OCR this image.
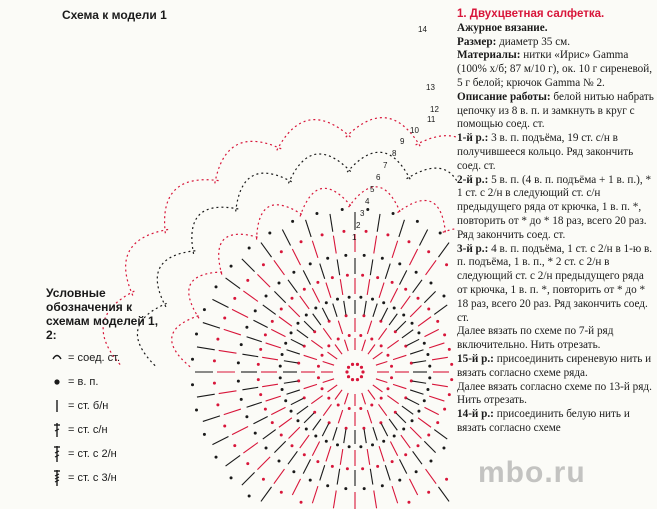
Схема к модели 1
14
13
12
11
10
9
8
7
6
5
4
3
2
1
Условные обозначения к схемам моделей 1, 2:
= соед. ст.
= в. п.
= ст. б/н
= ст. с/н
= ст. с 2/н
= ст. с 3/н

1. Двухцветная салфетка.

Ажурное вязание.

Размер: диаметр 35 см.

Материалы: нитки «Ирис» Gamma (100% х/б; 87 м/10 г), ок. 10 г сиреневой, 5 г белой; крючок Gamma № 2.

Описание работы: белой нитью набрать цепочку из 8 в. п. и замкнуть в круг с помощью соед. ст.

1-й р.: 3 в. п. подъёма, 19 ст. с/н в получившееся кольцо. Ряд закончить соед. ст.

2-й р.: 5 в. п. (4 в. п. подъёма + 1 в. п.), * 1 ст. с 2/н в следующий ст. с/н предыдущего ряда от крючка, 1 в. п. *, повторить от * до * 18 раз, всего 20 раз. Ряд закончить соед. ст.

3-й р.: 4 в. п. подъёма, 1 ст. с 2/н в 1-ю в. п. подъёма, 1 в. п., * 2 ст. с 2/н в следующий ст. с 2/н предыдущего ряда от крючка, 1 в. п. *, повторить от * до * 18 раз, всего 20 раз. Ряд закончить соед. ст.

Далее вязать по схеме по 7-й ряд включительно. Нить отрезать.

15-й р.: присоединить сиреневую нить и вязать согласно схеме ряда.

Далее вязать согласно схеме по 13-й ряд. Нить отрезать.

14-й р.: присоединить белую нить и вязать согласно схеме

mbo.ru
